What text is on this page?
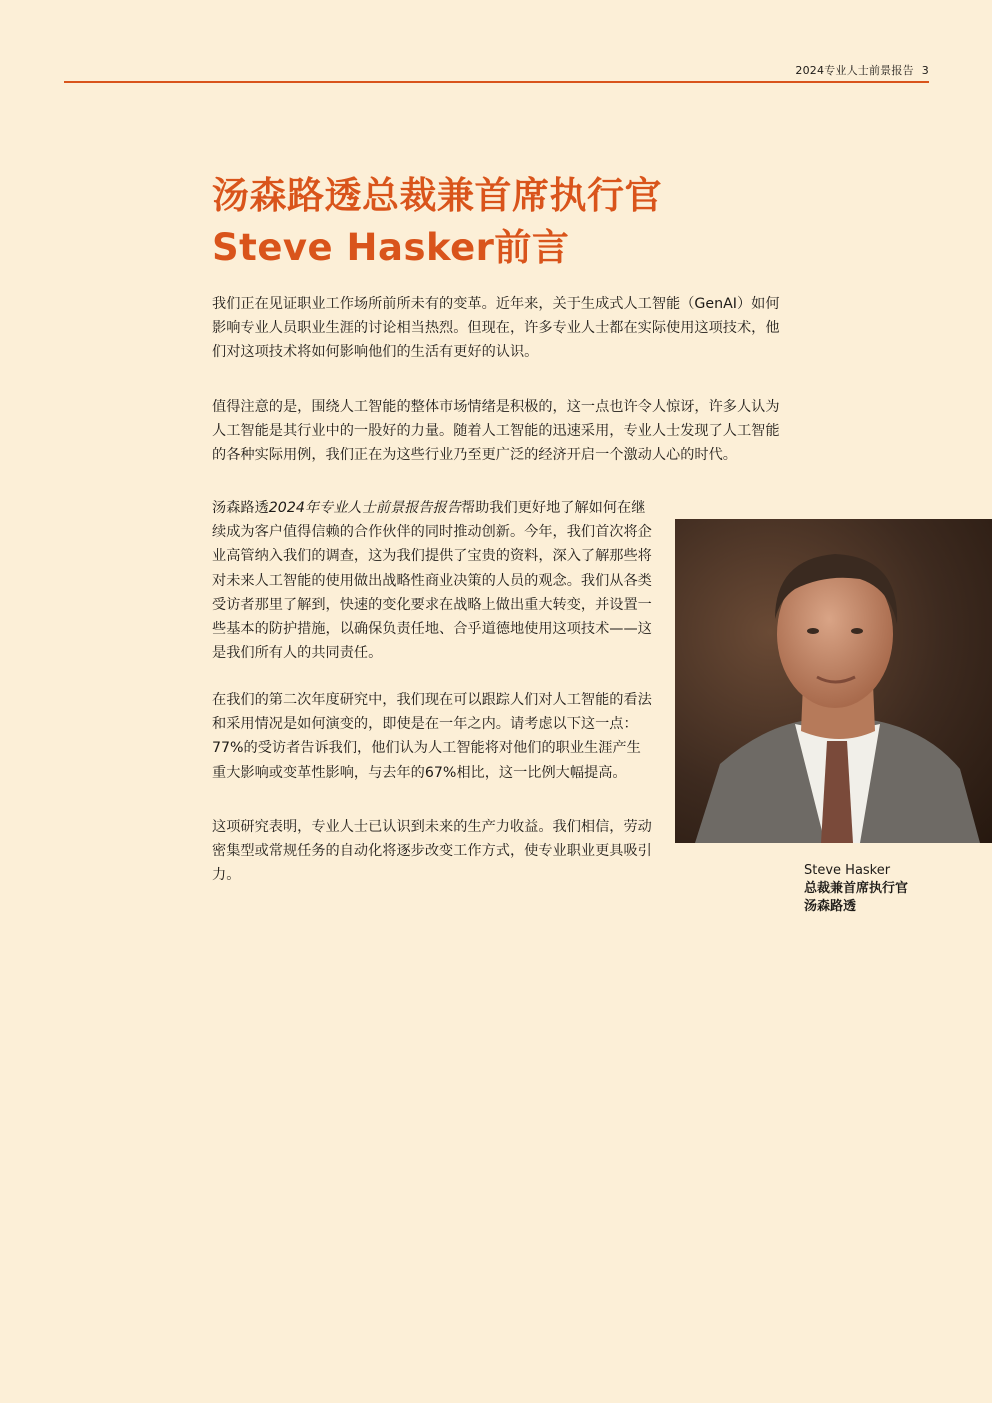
2024专业人士前景报告 3
汤森路透总裁兼首席执行官
Steve Hasker前言

我们正在见证职业工作场所前所未有的变革。近年来，关于生成式人工智能（GenAI）如何影响专业人员职业生涯的讨论相当热烈。但现在，许多专业人士都在实际使用这项技术，他们对这项技术将如何影响他们的生活有更好的认识。

值得注意的是，围绕人工智能的整体市场情绪是积极的，这一点也许令人惊讶，许多人认为人工智能是其行业中的一股好的力量。随着人工智能的迅速采用，专业人士发现了人工智能的各种实际用例，我们正在为这些行业乃至更广泛的经济开启一个激动人心的时代。

汤森路透2024年专业人士前景报告报告帮助我们更好地了解如何在继续成为客户值得信赖的合作伙伴的同时推动创新。今年，我们首次将企业高管纳入我们的调查，这为我们提供了宝贵的资料，深入了解那些将对未来人工智能的使用做出战略性商业决策的人员的观念。我们从各类受访者那里了解到，快速的变化要求在战略上做出重大转变，并设置一些基本的防护措施，以确保负责任地、合乎道德地使用这项技术——这是我们所有人的共同责任。

在我们的第二次年度研究中，我们现在可以跟踪人们对人工智能的看法和采用情况是如何演变的，即使是在一年之内。请考虑以下这一点：77%的受访者告诉我们，他们认为人工智能将对他们的职业生涯产生重大影响或变革性影响，与去年的67%相比，这一比例大幅提高。

这项研究表明，专业人士已认识到未来的生产力收益。我们相信，劳动密集型或常规任务的自动化将逐步改变工作方式，使专业职业更具吸引力。	Steve Hasker
总裁兼首席执行官
汤森路透
